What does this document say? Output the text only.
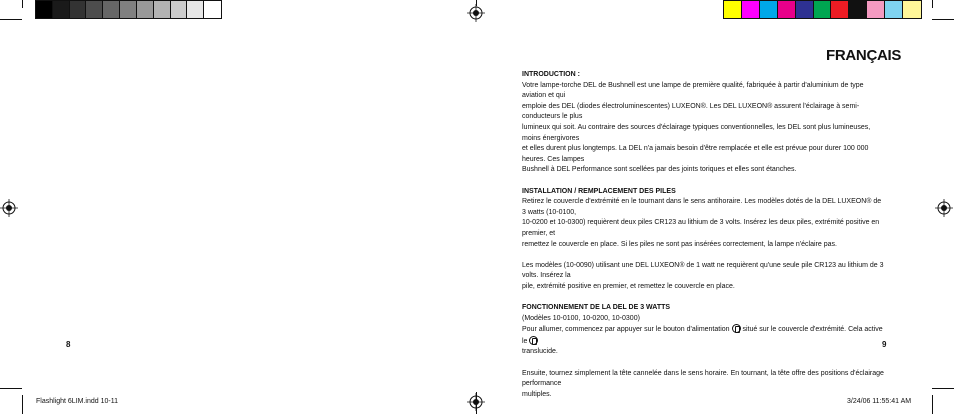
FRANÇAIS

INTRODUCTION :

Votre lampe-torche DEL de Bushnell est une lampe de première qualité, fabriquée à partir d'aluminium de type aviation et qui

emploie des DEL (diodes électroluminescentes) LUXEON®. Les DEL LUXEON® assurent l'éclairage à semi-conducteurs le plus

lumineux qui soit. Au contraire des sources d'éclairage typiques conventionnelles, les DEL sont plus lumineuses, moins énergivores

et elles durent plus longtemps. La DEL n'a jamais besoin d'être remplacée et elle est prévue pour durer 100 000 heures. Ces lampes

Bushnell à DEL Performance sont scellées par des joints toriques et elles sont étanches.

INSTALLATION / REMPLACEMENT DES PILES

Retirez le couvercle d'extrémité en le tournant dans le sens antihoraire. Les modèles dotés de la DEL LUXEON® de 3 watts (10-0100,

10-0200 et 10-0300) requièrent deux piles CR123 au lithium de 3 volts. Insérez les deux piles, extrémité positive en premier, et

remettez le couvercle en place. Si les piles ne sont pas insérées correctement, la lampe n'éclaire pas.

Les modèles (10-0090) utilisant une DEL LUXEON® de 1 watt ne requièrent qu'une seule pile CR123 au lithium de 3 volts. Insérez la

pile, extrémité positive en premier, et remettez le couvercle en place.

FONCTIONNEMENT DE LA DEL DE 3 WATTS

(Modèles 10-0100, 10-0200, 10-0300)

Pour allumer, commencez par appuyer sur le bouton d'alimentation situé sur le couvercle d'extrémité. Cela active le

translucide.

Ensuite, tournez simplement la tête cannelée dans le sens horaire. En tournant, la tête offre des positions d'éclairage performance

multiples.

8	9
Flashlight 6LIM.indd 10-11	3/24/06 11:55:41 AM
